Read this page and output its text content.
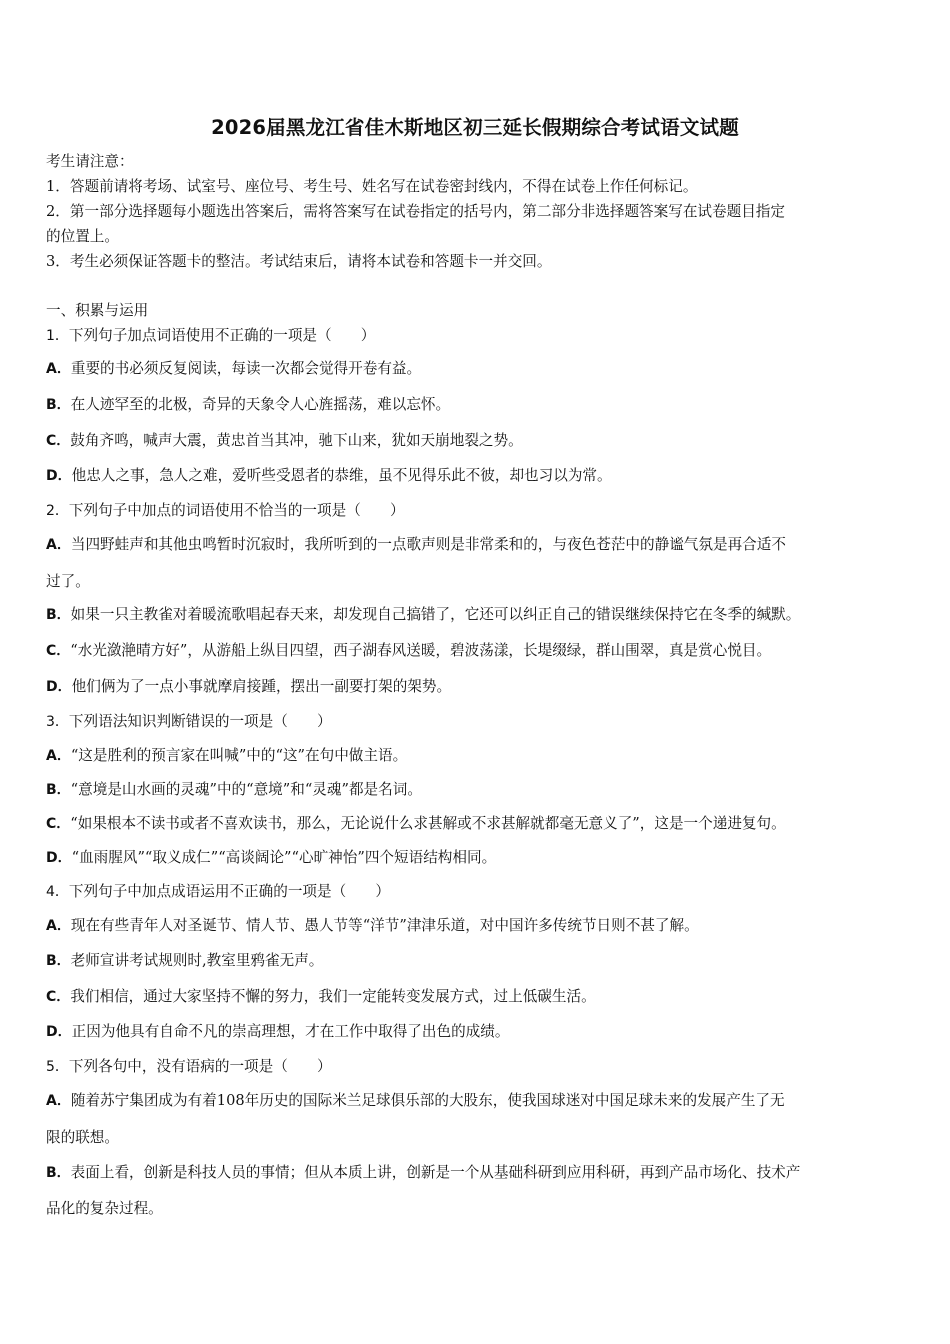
2026届黑龙江省佳木斯地区初三延长假期综合考试语文试题
考生请注意：
1．答题前请将考场、试室号、座位号、考生号、姓名写在试卷密封线内，不得在试卷上作任何标记。
2．第一部分选择题每小题选出答案后，需将答案写在试卷指定的括号内，第二部分非选择题答案写在试卷题目指定
的位置上。
3．考生必须保证答题卡的整洁。考试结束后，请将本试卷和答题卡一并交回。
一、积累与运用
1．下列句子加点词语使用不正确的一项是（　　）
A．重要的书必须反复阅读，每读一次都会觉得开卷有益。
B．在人迹罕至的北极，奇异的天象令人心旌摇荡，难以忘怀。
C．鼓角齐鸣，喊声大震，黄忠首当其冲，驰下山来，犹如天崩地裂之势。
D．他忠人之事，急人之难，爱听些受恩者的恭维，虽不见得乐此不彼，却也习以为常。
2．下列句子中加点的词语使用不恰当的一项是（　　）
A．当四野蛙声和其他虫鸣暂时沉寂时，我所听到的一点歌声则是非常柔和的，与夜色苍茫中的静谧气氛是再合适不
过了。
B．如果一只主教雀对着暖流歌唱起春天来，却发现自己搞错了，它还可以纠正自己的错误继续保持它在冬季的缄默。
C．“水光潋滟晴方好”，从游船上纵目四望，西子湖春风送暖，碧波荡漾，长堤缀绿，群山围翠，真是赏心悦目。
D．他们俩为了一点小事就摩肩接踵，摆出一副要打架的架势。
3．下列语法知识判断错误的一项是（　　）
A．“这是胜利的预言家在叫喊”中的“这”在句中做主语。
B．“意境是山水画的灵魂”中的“意境”和“灵魂”都是名词。
C．“如果根本不读书或者不喜欢读书，那么，无论说什么求甚解或不求甚解就都毫无意义了”，这是一个递进复句。
D．“血雨腥风”“取义成仁”“高谈阔论”“心旷神怡”四个短语结构相同。
4．下列句子中加点成语运用不正确的一项是（　　）
A．现在有些青年人对圣诞节、情人节、愚人节等“洋节”津津乐道，对中国许多传统节日则不甚了解。
B．老师宣讲考试规则时,教室里鸦雀无声。
C．我们相信，通过大家坚持不懈的努力，我们一定能转变发展方式，过上低碳生活。
D．正因为他具有自命不凡的崇高理想，才在工作中取得了出色的成绩。
5．下列各句中，没有语病的一项是（　　）
A．随着苏宁集团成为有着108年历史的国际米兰足球俱乐部的大股东，使我国球迷对中国足球未来的发展产生了无
限的联想。
B．表面上看，创新是科技人员的事情；但从本质上讲，创新是一个从基础科研到应用科研，再到产品市场化、技术产
品化的复杂过程。
